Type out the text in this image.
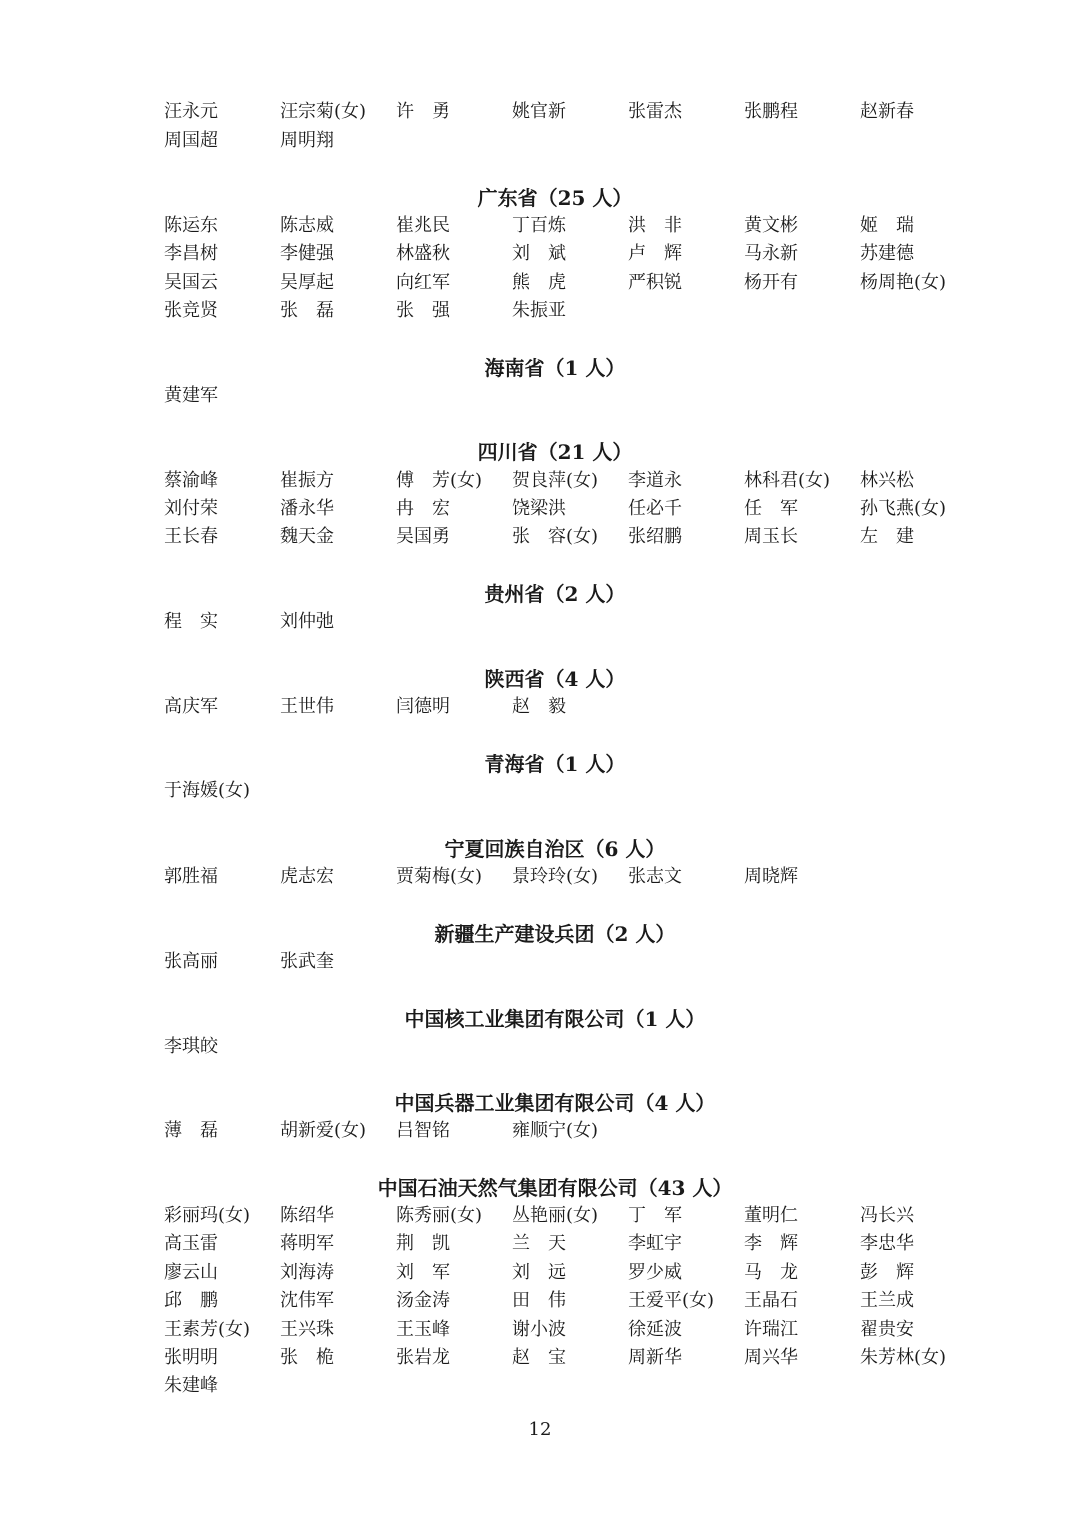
汪永元	汪宗菊(女) 许　勇	姚官新	张雷杰	张鹏程	赵新春
周国超	周明翔
广东省（25 人）
陈运东	陈志威	崔兆民	丁百炼	洪　非	黄文彬	姬　瑞
李昌树	李健强	林盛秋	刘　斌	卢　辉	马永新	苏建德
吴国云	吴厚起	向红军	熊　虎	严积锐	杨开有	杨周艳(女)
张竞贤	张　磊	张　强	朱振亚
海南省（1 人）
黄建军
四川省（21 人）
蔡渝峰	崔振方	傅　芳(女) 贺良萍(女) 李道永	林科君(女) 林兴松
刘付荣	潘永华	冉　宏	饶梁洪	任必千	任　军	孙飞燕(女)
王长春	魏天金	吴国勇	张　容(女) 张绍鹏	周玉长	左　建
贵州省（2 人）
程　实	刘仲弛
陕西省（4 人）
高庆军	王世伟	闫德明	赵　毅
青海省（1 人）
于海媛(女)
宁夏回族自治区（6 人）
郭胜福	虎志宏	贾菊梅(女) 景玲玲(女) 张志文	周晓辉
新疆生产建设兵团（2 人）
张高丽	张武奎
中国核工业集团有限公司（1 人）
李琪皎
中国兵器工业集团有限公司（4 人）
薄　磊	胡新爱(女) 吕智铭	雍顺宁(女)
中国石油天然气集团有限公司（43 人）
彩丽玛(女) 陈绍华	陈秀丽(女) 丛艳丽(女) 丁　军	董明仁	冯长兴
高玉雷	蒋明军	荆　凯	兰　天	李虹宇	李　辉	李忠华
廖云山	刘海涛	刘　军	刘　远	罗少威	马　龙	彭　辉
邱　鹏	沈伟军	汤金涛	田　伟	王爱平(女) 王晶石	王兰成
王素芳(女) 王兴珠	王玉峰	谢小波	徐延波	许瑞江	翟贵安
张明明	张　桅	张岩龙	赵　宝	周新华	周兴华	朱芳林(女)
朱建峰
12
